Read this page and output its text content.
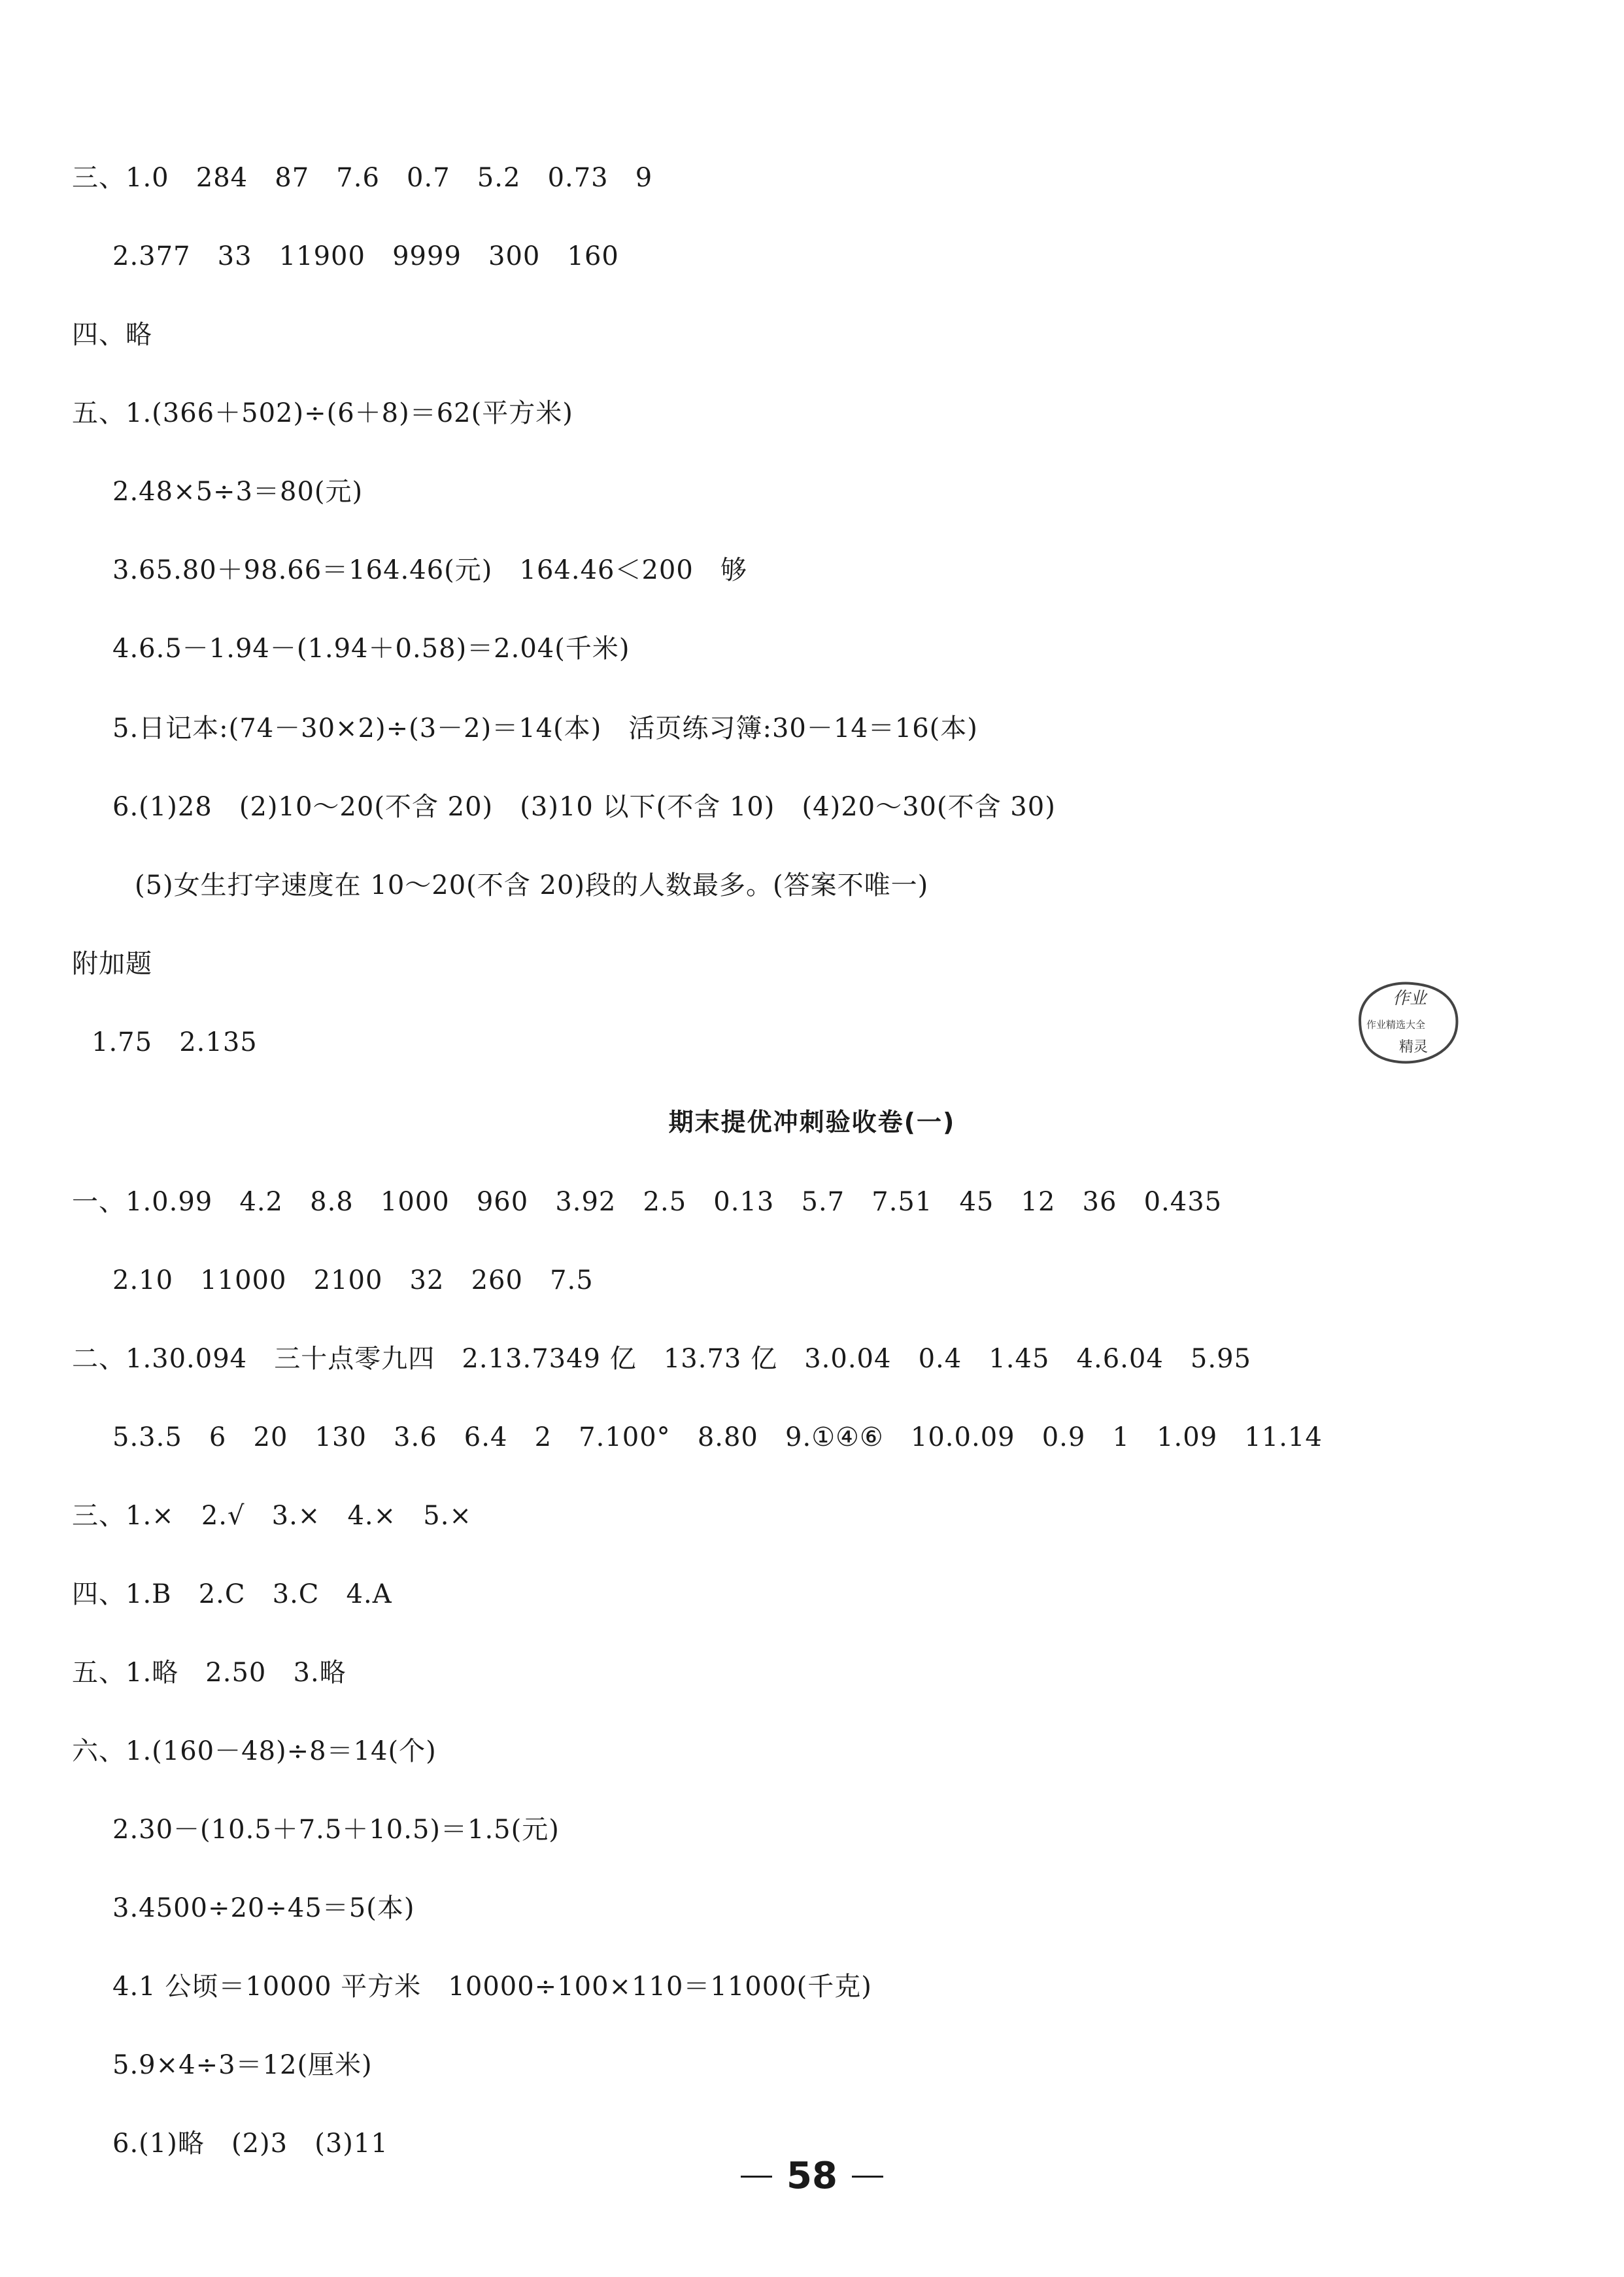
三、1.0   284   87   7.6   0.7   5.2   0.73   9
2.377   33   11900   9999   300   160
四、略
五、1.(366＋502)÷(6＋8)＝62(平方米)
2.48×5÷3＝80(元)
3.65.80＋98.66＝164.46(元)   164.46＜200   够
4.6.5－1.94－(1.94＋0.58)＝2.04(千米)
5.日记本:(74－30×2)÷(3－2)＝14(本)   活页练习簿:30－14＝16(本)
6.(1)28   (2)10～20(不含 20)   (3)10 以下(不含 10)   (4)20～30(不含 30)
(5)女生打字速度在 10～20(不含 20)段的人数最多。(答案不唯一)
附加题
1.75   2.135
作业
作业精选大全
精灵
期末提优冲刺验收卷(一)
一、1.0.99   4.2   8.8   1000   960   3.92   2.5   0.13   5.7   7.51   45   12   36   0.435
2.10   11000   2100   32   260   7.5
二、1.30.094   三十点零九四   2.13.7349 亿   13.73 亿   3.0.04   0.4   1.45   4.6.04   5.95
5.3.5   6   20   130   3.6   6.4   2   7.100°   8.80   9.①④⑥   10.0.09   0.9   1   1.09   11.14
三、1.×   2.√   3.×   4.×   5.×
四、1.B   2.C   3.C   4.A
五、1.略   2.50   3.略
六、1.(160－48)÷8＝14(个)
2.30－(10.5＋7.5＋10.5)＝1.5(元)
3.4500÷20÷45＝5(本)
4.1 公顷＝10000 平方米   10000÷100×110＝11000(千克)
5.9×4÷3＝12(厘米)
6.(1)略   (2)3   (3)11
58
